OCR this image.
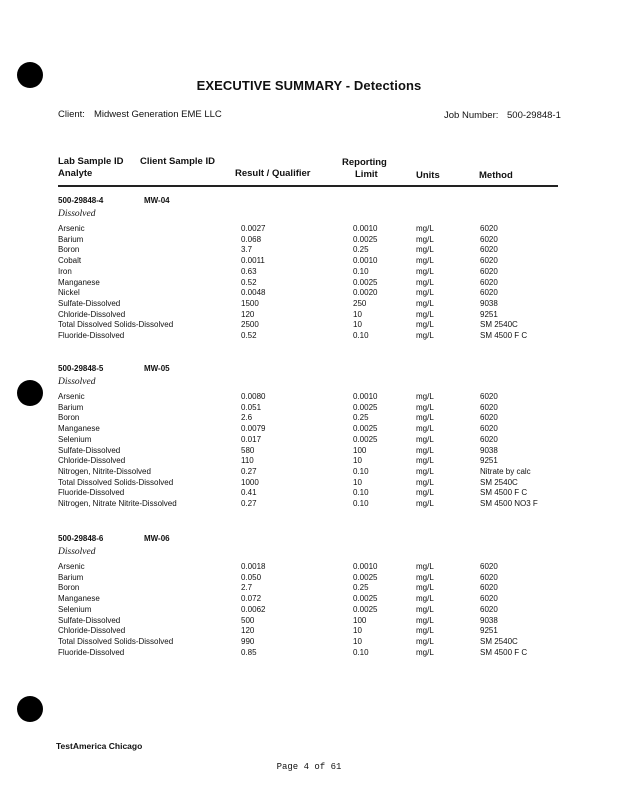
EXECUTIVE SUMMARY - Detections
Client: Midwest Generation EME LLC	Job Number: 500-29848-1
Lab Sample ID Client Sample ID
Analyte	Result / Qualifier
Reporting
Limit	Units	Method
500-29848-4	MW-04
Dissolved
Arsenic	0.0027	0.0010	mg/L	6020
Barium	0.068	0.0025	mg/L	6020
Boron	3.7	0.25	mg/L	6020
Cobalt	0.0011	0.0010	mg/L	6020
Iron	0.63	0.10	mg/L	6020
Manganese	0.52	0.0025	mg/L	6020
Nickel	0.0048	0.0020	mg/L	6020
Sulfate-Dissolved	1500	250	mg/L	9038
Chloride-Dissolved	120	10	mg/L	9251
Total Dissolved Solids-Dissolved	2500	10	mg/L	SM 2540C
Fluoride-Dissolved	0.52	0.10	mg/L	SM 4500 F C
500-29848-5	MW-05
Dissolved
Arsenic	0.0080	0.0010	mg/L	6020
Barium	0.051	0.0025	mg/L	6020
Boron	2.6	0.25	mg/L	6020
Manganese	0.0079	0.0025	mg/L	6020
Selenium	0.017	0.0025	mg/L	6020
Sulfate-Dissolved	580	100	mg/L	9038
Chloride-Dissolved	110	10	mg/L	9251
Nitrogen, Nitrite-Dissolved	0.27	0.10	mg/L	Nitrate by calc
Total Dissolved Solids-Dissolved	1000	10	mg/L	SM 2540C
Fluoride-Dissolved	0.41	0.10	mg/L	SM 4500 F C
Nitrogen, Nitrate Nitrite-Dissolved	0.27	0.10	mg/L	SM 4500 NO3 F
500-29848-6	MW-06
Dissolved
Arsenic	0.0018	0.0010	mg/L	6020
Barium	0.050	0.0025	mg/L	6020
Boron	2.7	0.25	mg/L	6020
Manganese	0.072	0.0025	mg/L	6020
Selenium	0.0062	0.0025	mg/L	6020
Sulfate-Dissolved	500	100	mg/L	9038
Chloride-Dissolved	120	10	mg/L	9251
Total Dissolved Solids-Dissolved	990	10	mg/L	SM 2540C
Fluoride-Dissolved	0.85	0.10	mg/L	SM 4500 F C
TestAmerica Chicago
Page 4 of 61
